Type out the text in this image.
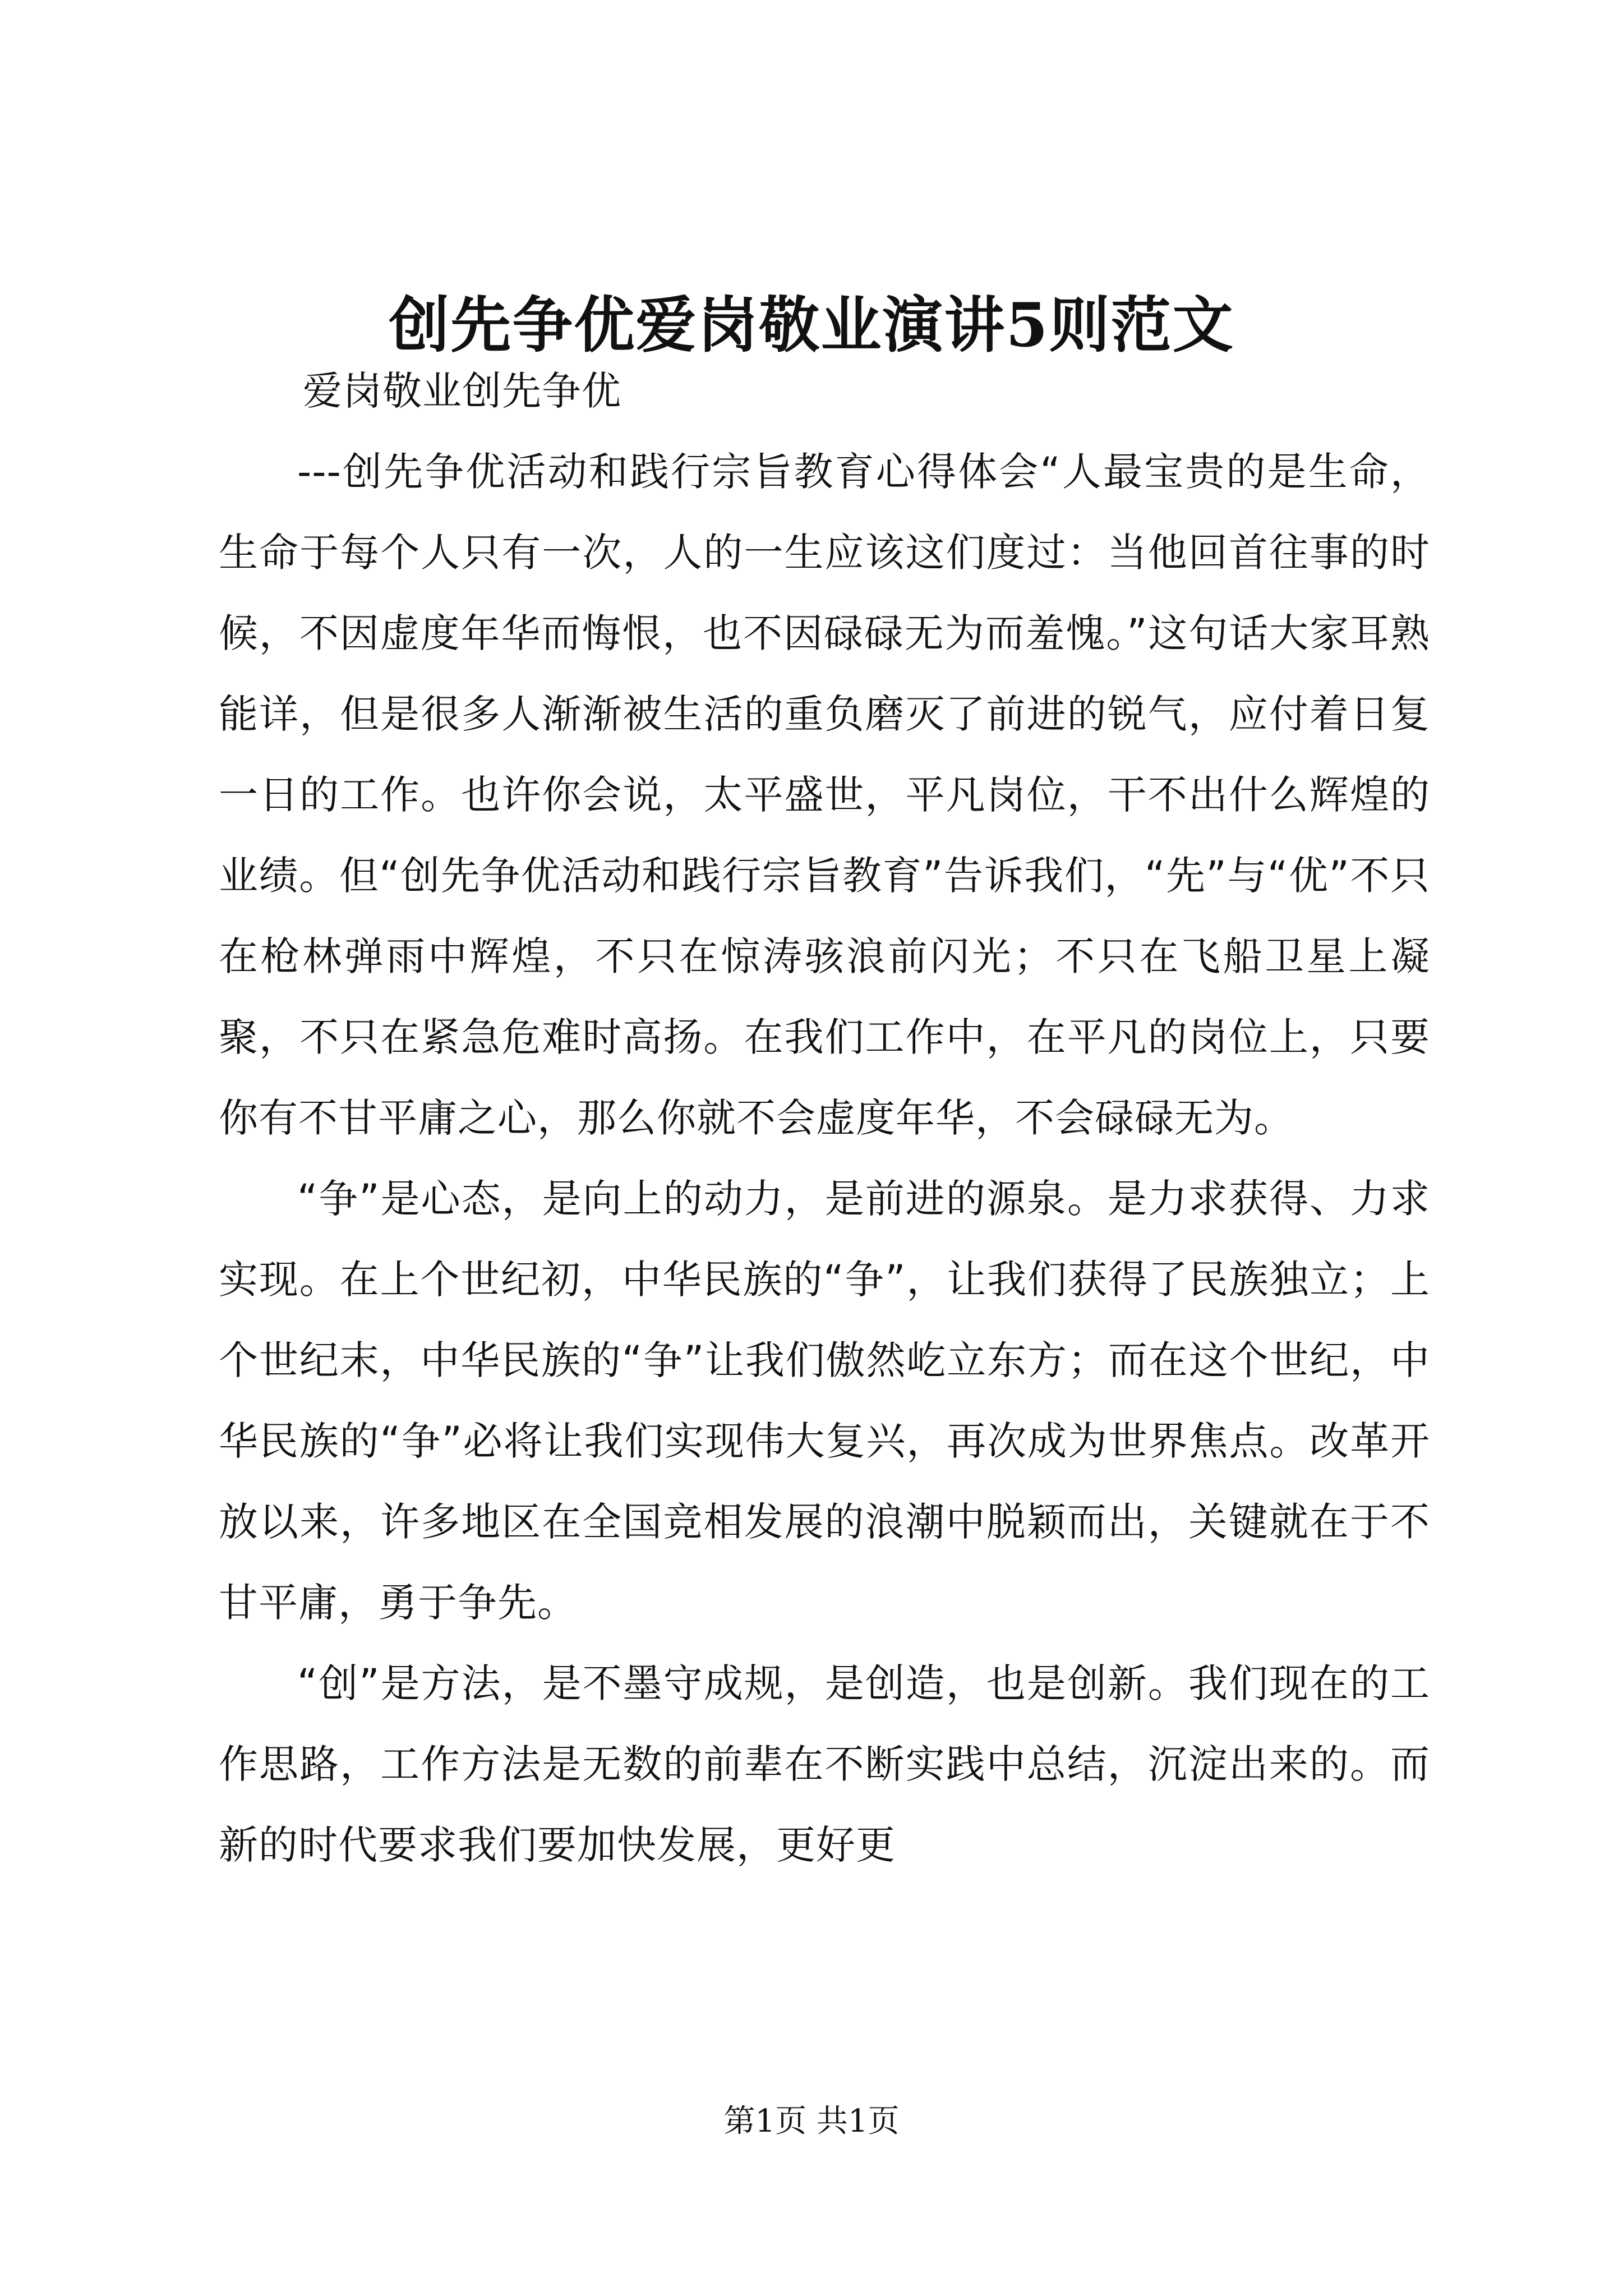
创先争优爱岗敬业演讲5则范文

爱岗敬业创先争优

---创先争优活动和践行宗旨教育心得体会“人最宝贵的是生命，生命于每个人只有一次，人的一生应该这们度过：当他回首往事的时候，不因虚度年华而悔恨，也不因碌碌无为而羞愧。”这句话大家耳熟能详，但是很多人渐渐被生活的重负磨灭了前进的锐气，应付着日复一日的工作。也许你会说，太平盛世，平凡岗位，干不出什么辉煌的业绩。但“创先争优活动和践行宗旨教育”告诉我们，“先”与“优”不只在枪林弹雨中辉煌，不只在惊涛骇浪前闪光；不只在飞船卫星上凝聚，不只在紧急危难时高扬。在我们工作中，在平凡的岗位上，只要你有不甘平庸之心，那么你就不会虚度年华，不会碌碌无为。

“争”是心态，是向上的动力，是前进的源泉。是力求获得、力求实现。在上个世纪初，中华民族的“争”，让我们获得了民族独立；上个世纪末，中华民族的“争”让我们傲然屹立东方；而在这个世纪，中华民族的“争”必将让我们实现伟大复兴，再次成为世界焦点。改革开放以来，许多地区在全国竞相发展的浪潮中脱颖而出，关键就在于不甘平庸，勇于争先。

“创”是方法，是不墨守成规，是创造，也是创新。我们现在的工作思路，工作方法是无数的前辈在不断实践中总结，沉淀出来的。而新的时代要求我们要加快发展，更好更

第1页 共1页
